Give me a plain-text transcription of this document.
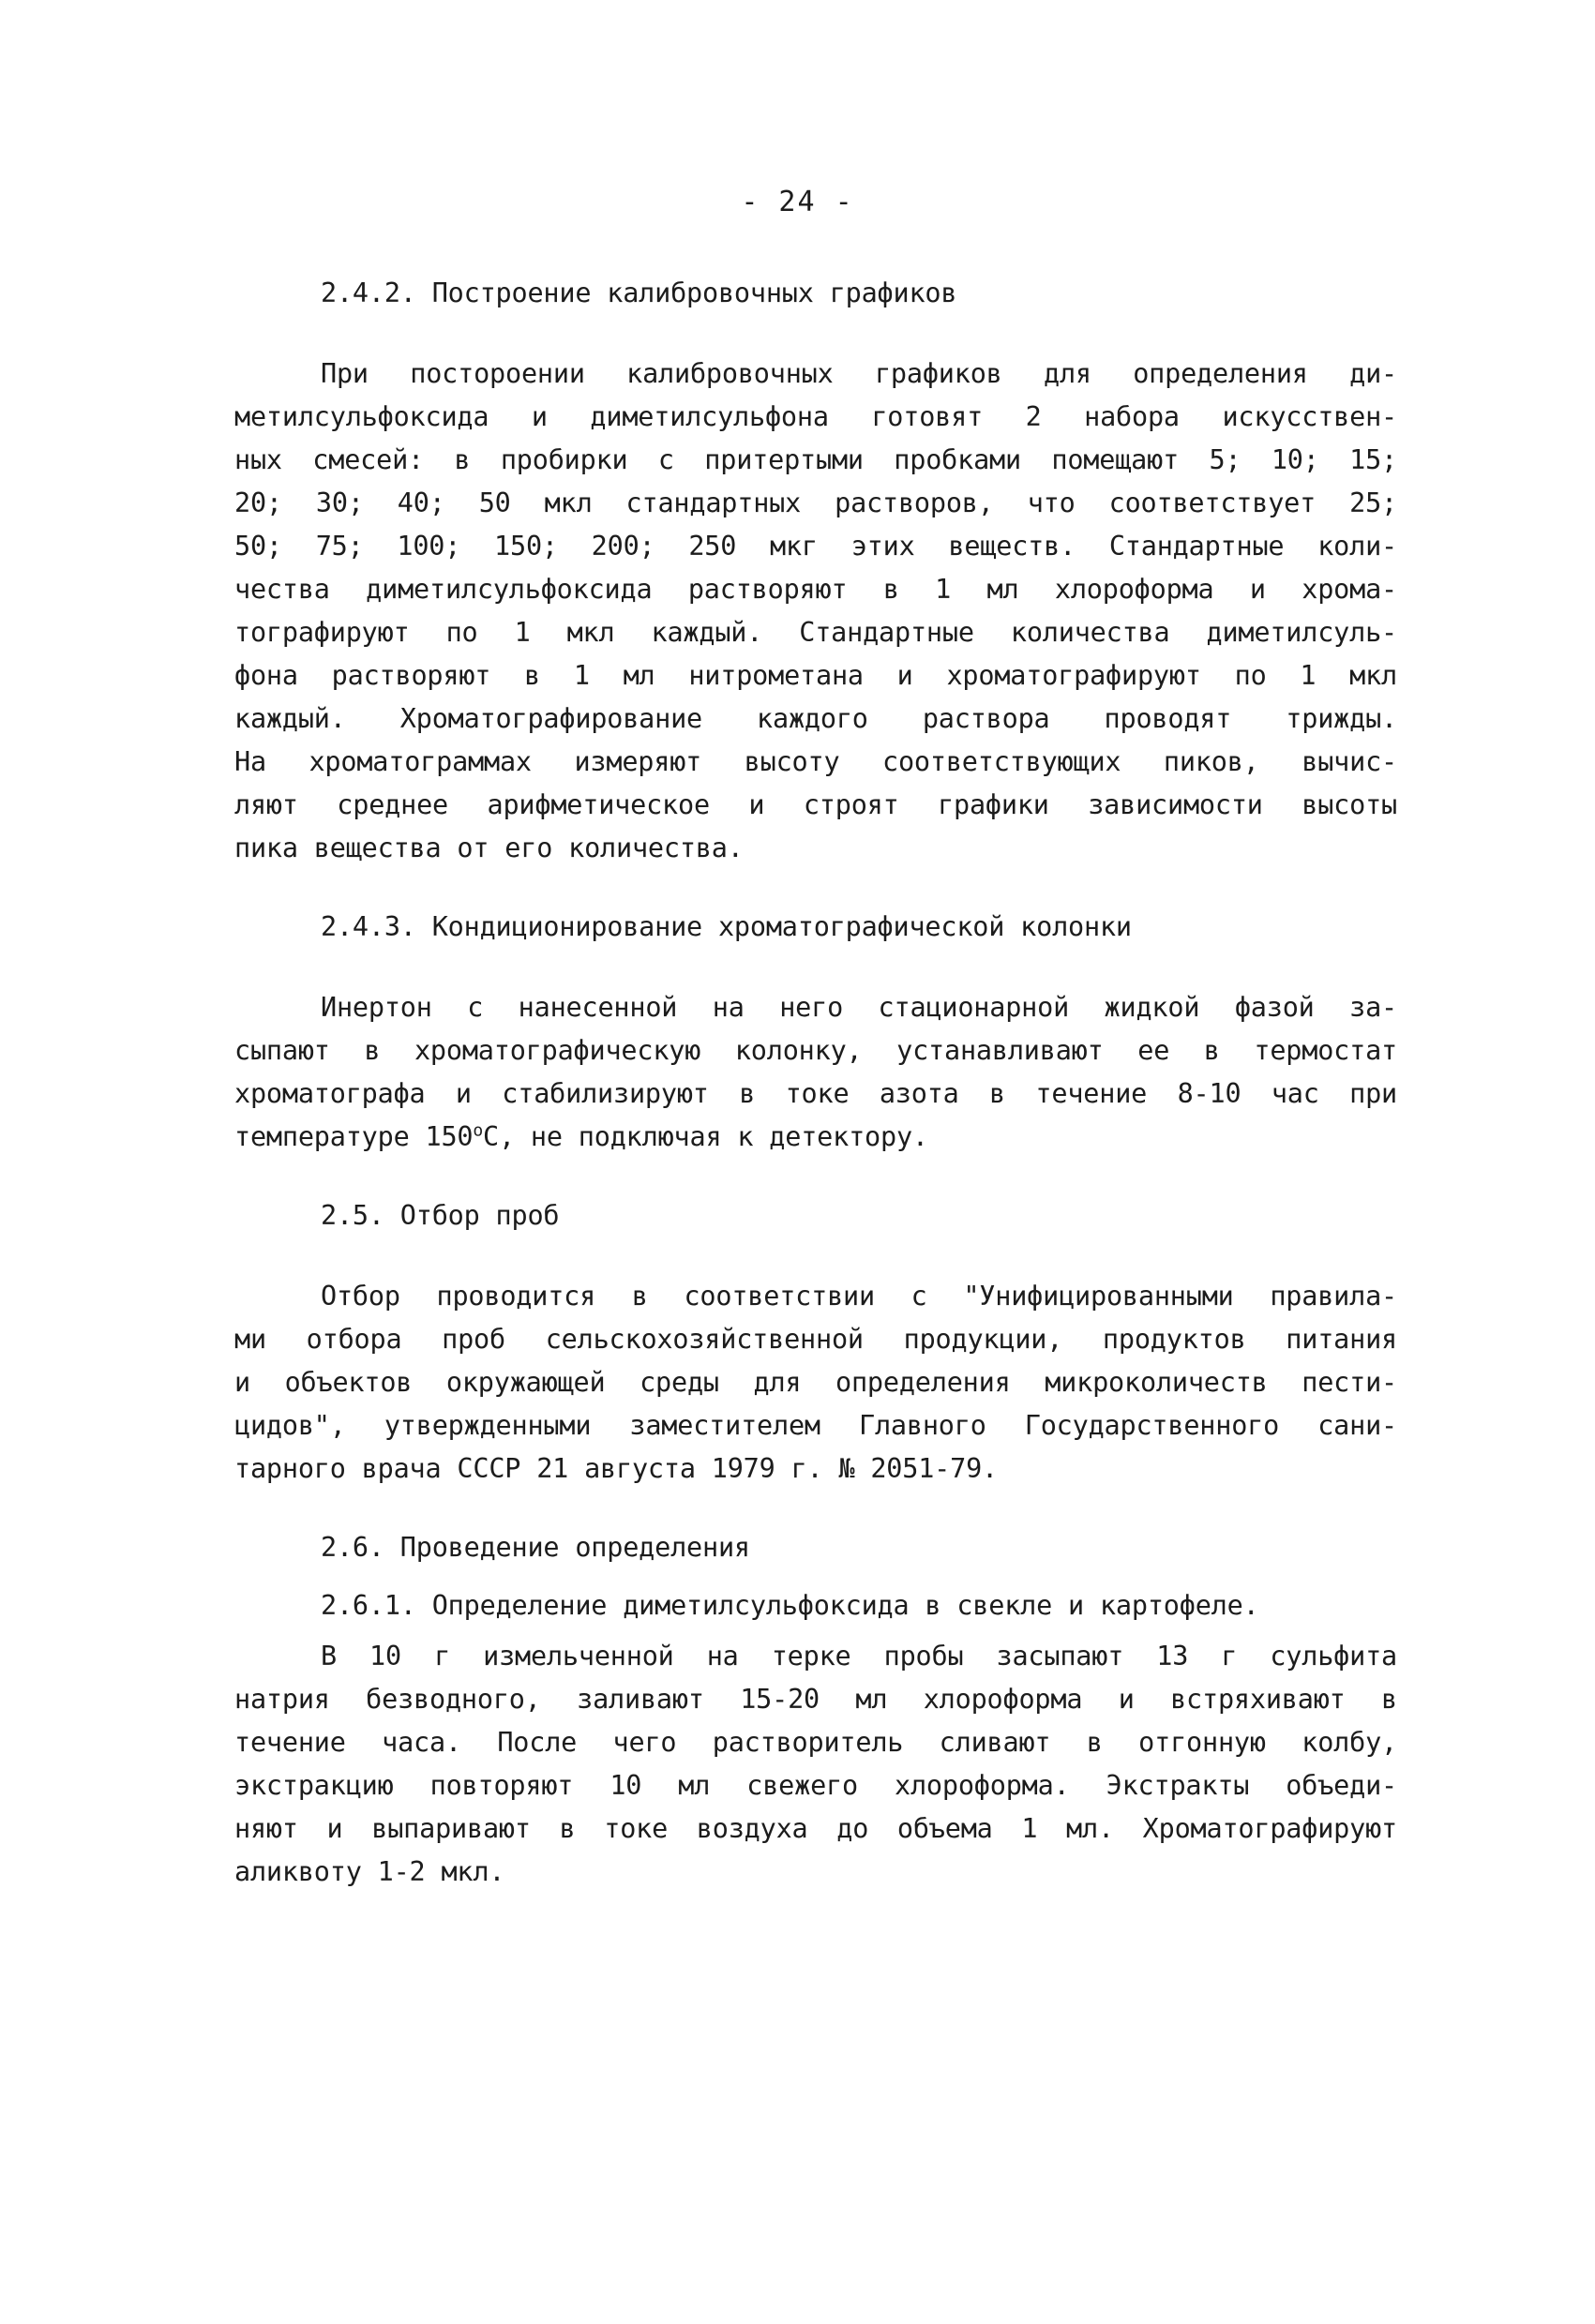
- 24 -
2.4.2. Построение калибровочных графиков
При постороении калибровочных графиков для определения ди-
метилсульфоксида и диметилсульфона готовят 2 набора искусствен-
ных смесей: в пробирки с притертыми пробками помещают 5; 10; 15;
20; 30; 40; 50 мкл стандартных растворов, что соответствует 25;
50; 75; 100; 150; 200; 250 мкг этих веществ. Стандартные коли-
чества диметилсульфоксида растворяют в 1 мл хлороформа и хрома-
тографируют по 1 мкл каждый. Стандартные количества диметилсуль-
фона растворяют в 1 мл нитрометана и хроматографируют по 1 мкл
каждый. Хроматографирование каждого раствора проводят трижды.
На хроматограммах измеряют высоту соответствующих пиков, вычис-
ляют среднее арифметическое и строят графики зависимости высоты
пика вещества от его количества.
2.4.3. Кондиционирование хроматографической колонки
Инертон с нанесенной на него стационарной жидкой фазой за-
сыпают в хроматографическую колонку, устанавливают ее в термостат
хроматографа и стабилизируют в токе азота в течение 8-10 час при
температуре $150^оС$, не подключая к детектору.
2.5. Отбор проб
Отбор проводится в соответствии с "Унифицированными правила-
ми отбора проб сельскохозяйственной продукции, продуктов питания
и объектов окружающей среды для определения микроколичеств пести-
цидов", утвержденными заместителем Главного Государственного сани-
тарного врача СССР 21 августа 1979 г. № 2051-79.
2.6. Проведение определения
2.6.1. Определение диметилсульфоксида в свекле и картофеле.
В 10 г измельченной на терке пробы засыпают 13 г сульфита
натрия безводного, заливают 15-20 мл хлороформа и встряхивают в
течение часа. После чего растворитель сливают в отгонную колбу,
экстракцию повторяют 10 мл свежего хлороформа. Экстракты объеди-
няют и выпаривают в токе воздуха до объема 1 мл. Хроматографируют
аликвоту 1-2 мкл.
